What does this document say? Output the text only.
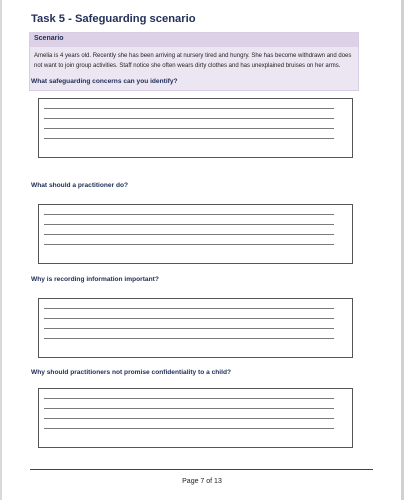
Task 5 - Safeguarding scenario
Scenario
Amelia is 4 years old. Recently she has been arriving at nursery tired and hungry. She has become withdrawn and does not want to join group activities. Staff notice she often wears dirty clothes and has unexplained bruises on her arms.
What safeguarding concerns can you identify?
What should a practitioner do?
Why is recording information important?
Why should practitioners not promise confidentiality to a child?
Page 7 of 13
